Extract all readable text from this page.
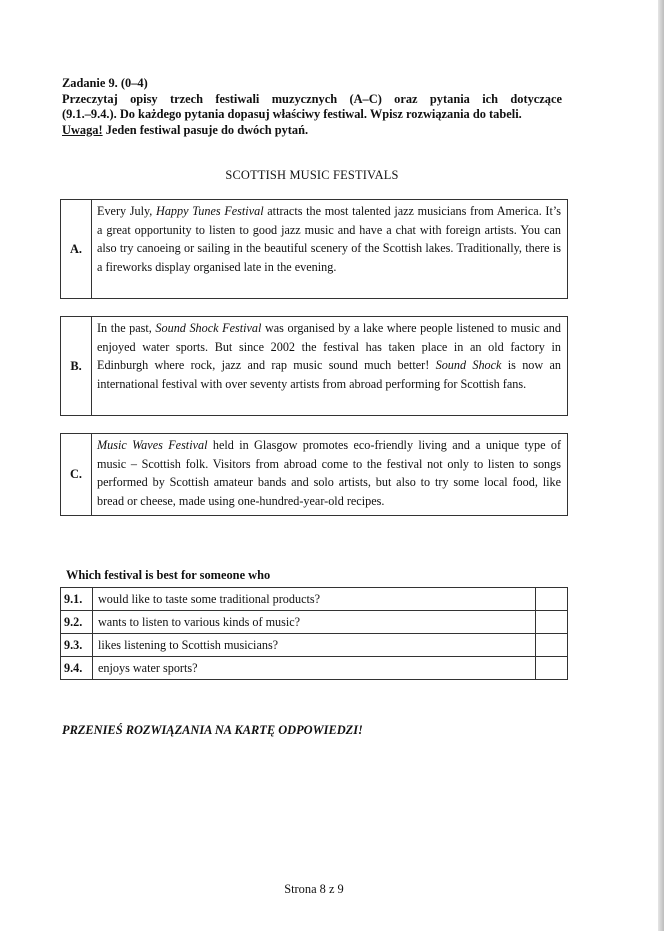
Zadanie 9. (0–4)

Przeczytaj opisy trzech festiwali muzycznych (A–C) oraz pytania ich dotyczące

(9.1.–9.4.). Do każdego pytania dopasuj właściwy festiwal. Wpisz rozwiązania do tabeli.

Uwaga! Jeden festiwal pasuje do dwóch pytań.

SCOTTISH MUSIC FESTIVALS
A.
Every July, Happy Tunes Festival attracts the most talented jazz musicians from America. It’s a great opportunity to listen to good jazz music and have a chat with foreign artists. You can also try canoeing or sailing in the beautiful scenery of the Scottish lakes. Traditionally, there is a fireworks display organised late in the evening.
B.
In the past, Sound Shock Festival was organised by a lake where people listened to music and enjoyed water sports. But since 2002 the festival has taken place in an old factory in Edinburgh where rock, jazz and rap music sound much better! Sound Shock is now an international festival with over seventy artists from abroad performing for Scottish fans.
C.
Music Waves Festival held in Glasgow promotes eco-friendly living and a unique type of music – Scottish folk. Visitors from abroad come to the festival not only to listen to songs performed by Scottish amateur bands and solo artists, but also to try some local food, like bread or cheese, made using one-hundred-year-old recipes.
Which festival is best for someone who
9.1.	would like to taste some traditional products?	
9.2.	wants to listen to various kinds of music?	
9.3.	likes listening to Scottish musicians?	
9.4.	enjoys water sports?	
PRZENIEŚ ROZWIĄZANIA NA KARTĘ ODPOWIEDZI!
Strona 8 z 9
